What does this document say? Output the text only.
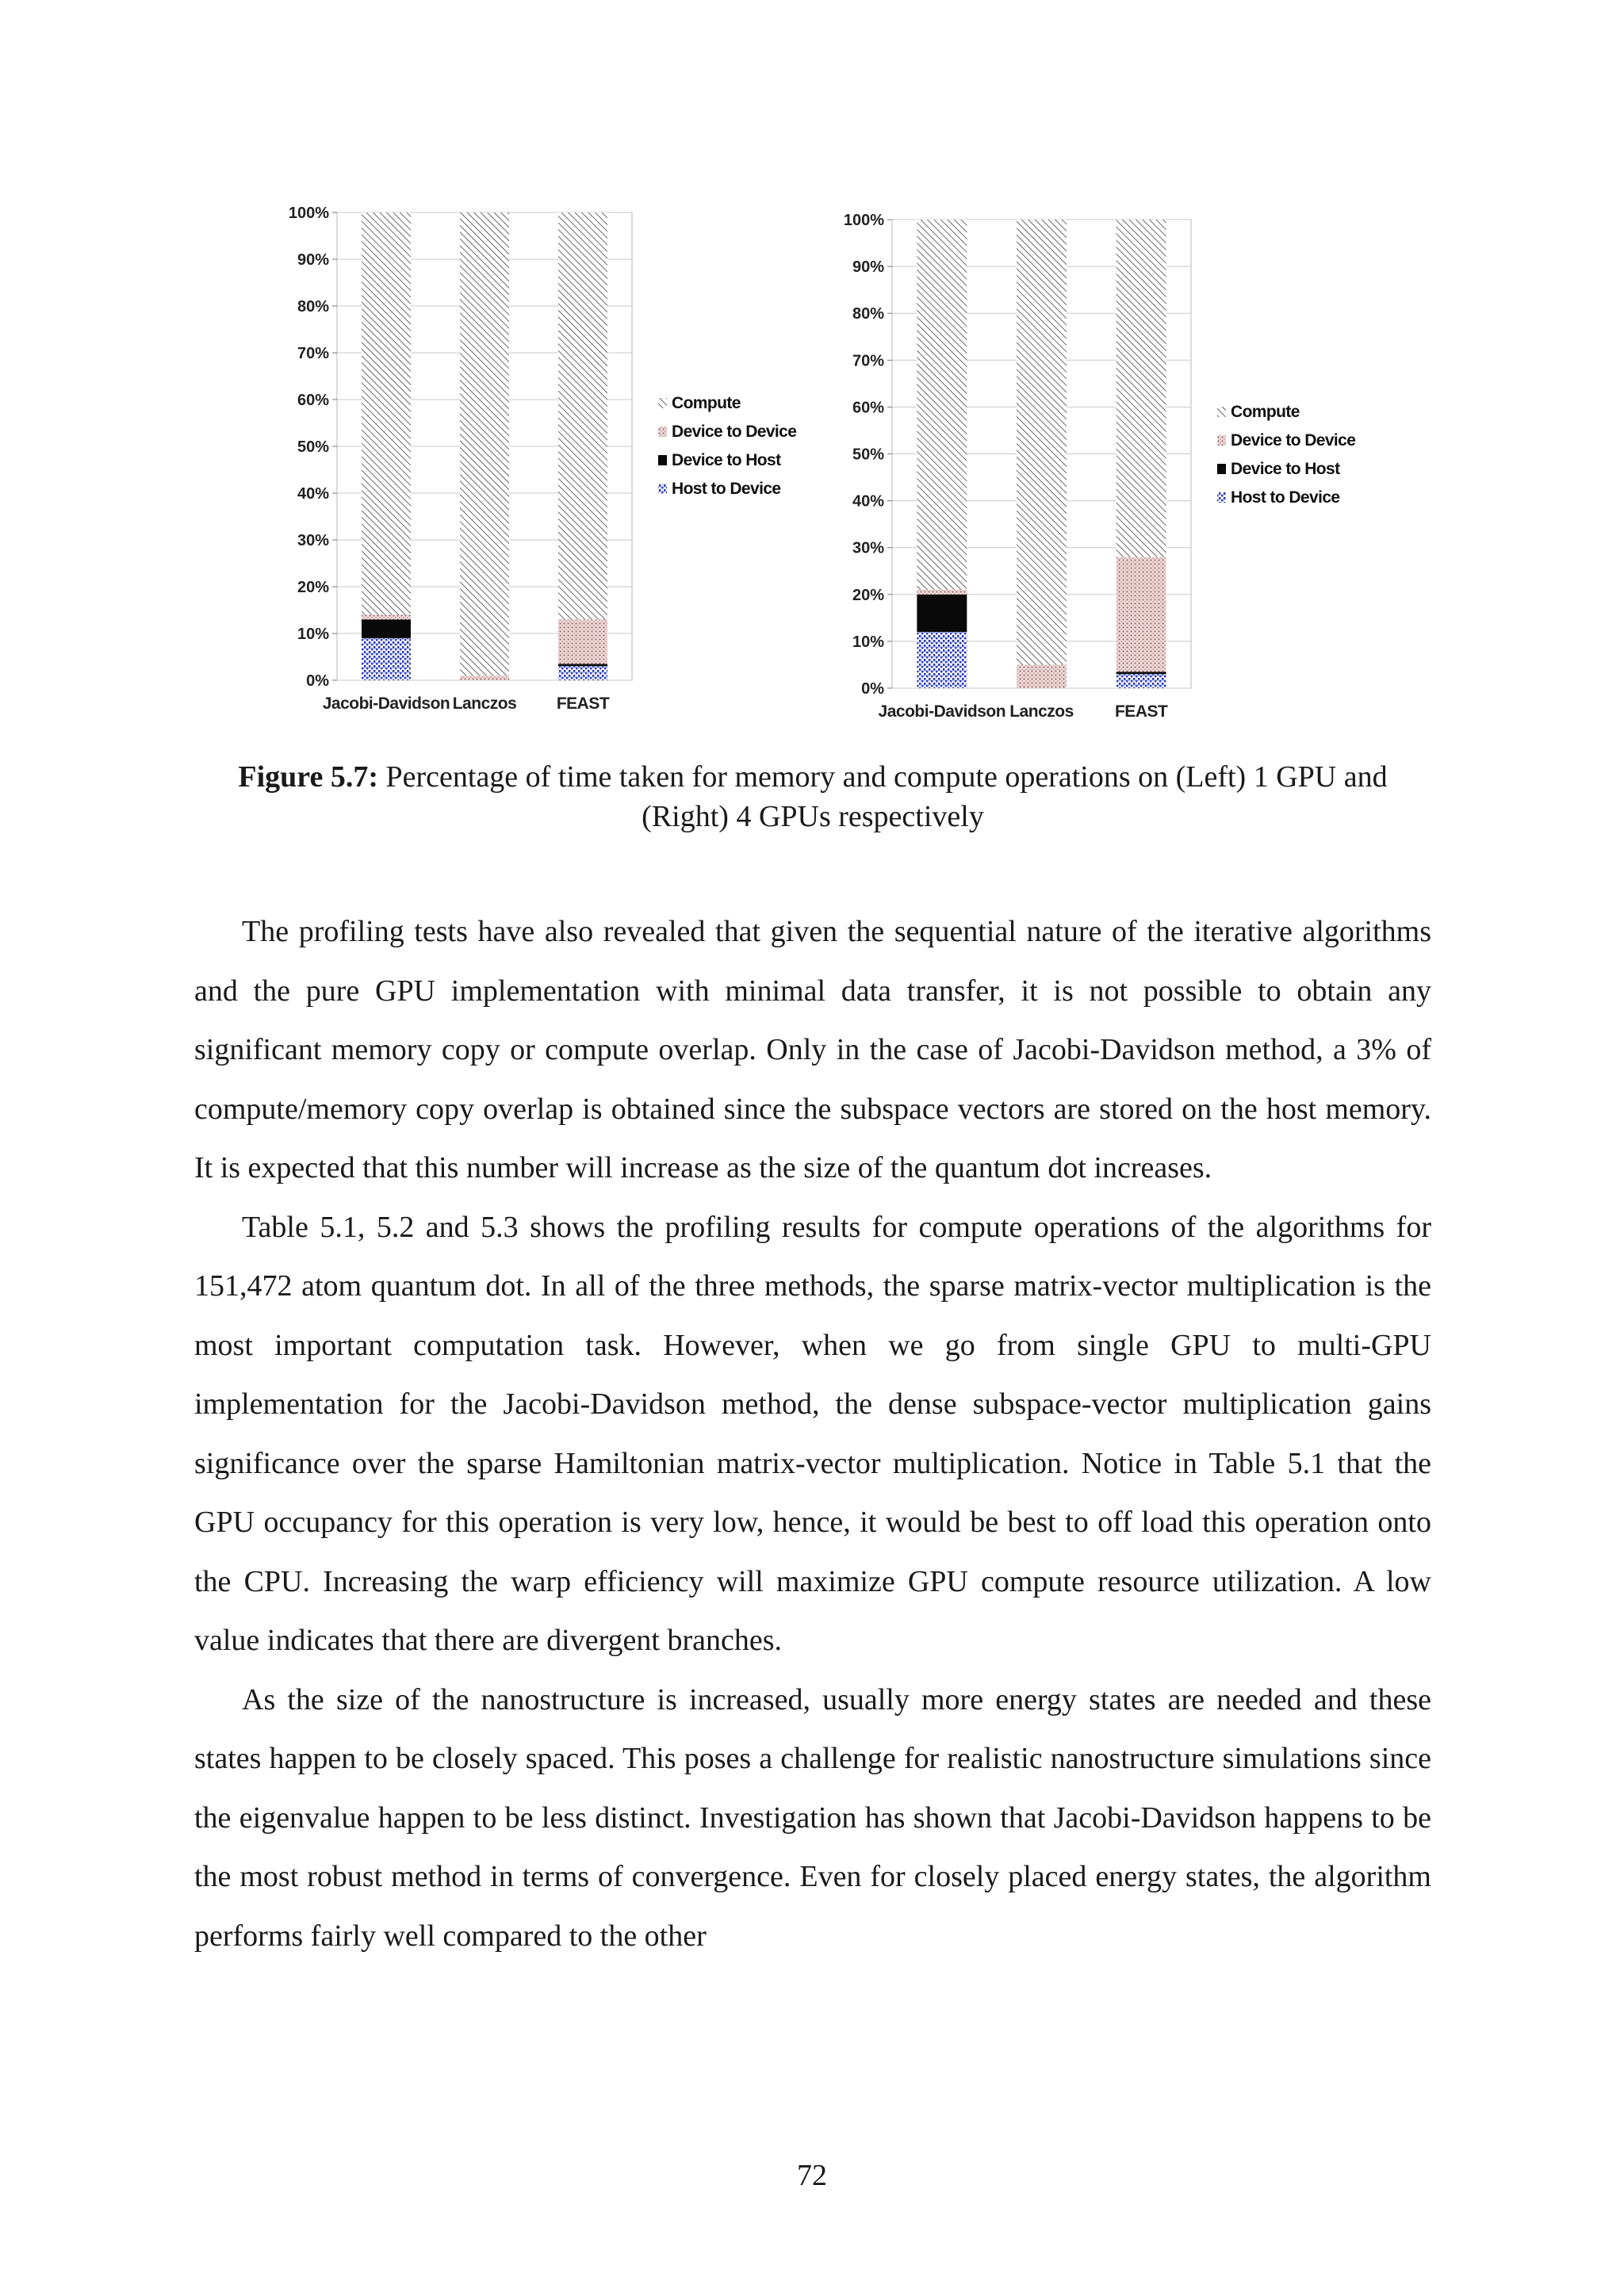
0%
10%
20%
30%
40%
50%
60%
70%
80%
90%
100%
Jacobi-Davidson Lanczos FEAST
Compute
Device to Device
Device to Host
Host to Device
0%
10%
20%
30%
40%
50%
60%
70%
80%
90%
100%
Jacobi-Davidson Lanczos FEAST
Compute
Device to Device
Device to Host
Host to Device
Figure 5.7: Percentage of time taken for memory and compute operations on (Left) 1 GPU and (Right) 4 GPUs respectively

The profiling tests have also revealed that given the sequential nature of the iterative algorithms and the pure GPU implementation with minimal data transfer, it is not possible to obtain any significant memory copy or compute overlap. Only in the case of Jacobi-Davidson method, a 3% of compute/memory copy overlap is obtained since the subspace vectors are stored on the host memory. It is expected that this number will increase as the size of the quantum dot increases.

Table 5.1, 5.2 and 5.3 shows the profiling results for compute operations of the algorithms for 151,472 atom quantum dot. In all of the three methods, the sparse matrix-vector multiplication is the most important computation task. However, when we go from single GPU to multi-GPU implementation for the Jacobi-Davidson method, the dense subspace-vector multiplication gains significance over the sparse Hamiltonian matrix-vector multiplication. Notice in Table 5.1 that the GPU occupancy for this operation is very low, hence, it would be best to off load this operation onto the CPU. Increasing the warp efficiency will maximize GPU compute resource utilization. A low value indicates that there are divergent branches.

As the size of the nanostructure is increased, usually more energy states are needed and these states happen to be closely spaced. This poses a challenge for realistic nanostructure simulations since the eigenvalue happen to be less distinct. Investigation has shown that Jacobi-Davidson happens to be the most robust method in terms of convergence. Even for closely placed energy states, the algorithm performs fairly well compared to the other

72
